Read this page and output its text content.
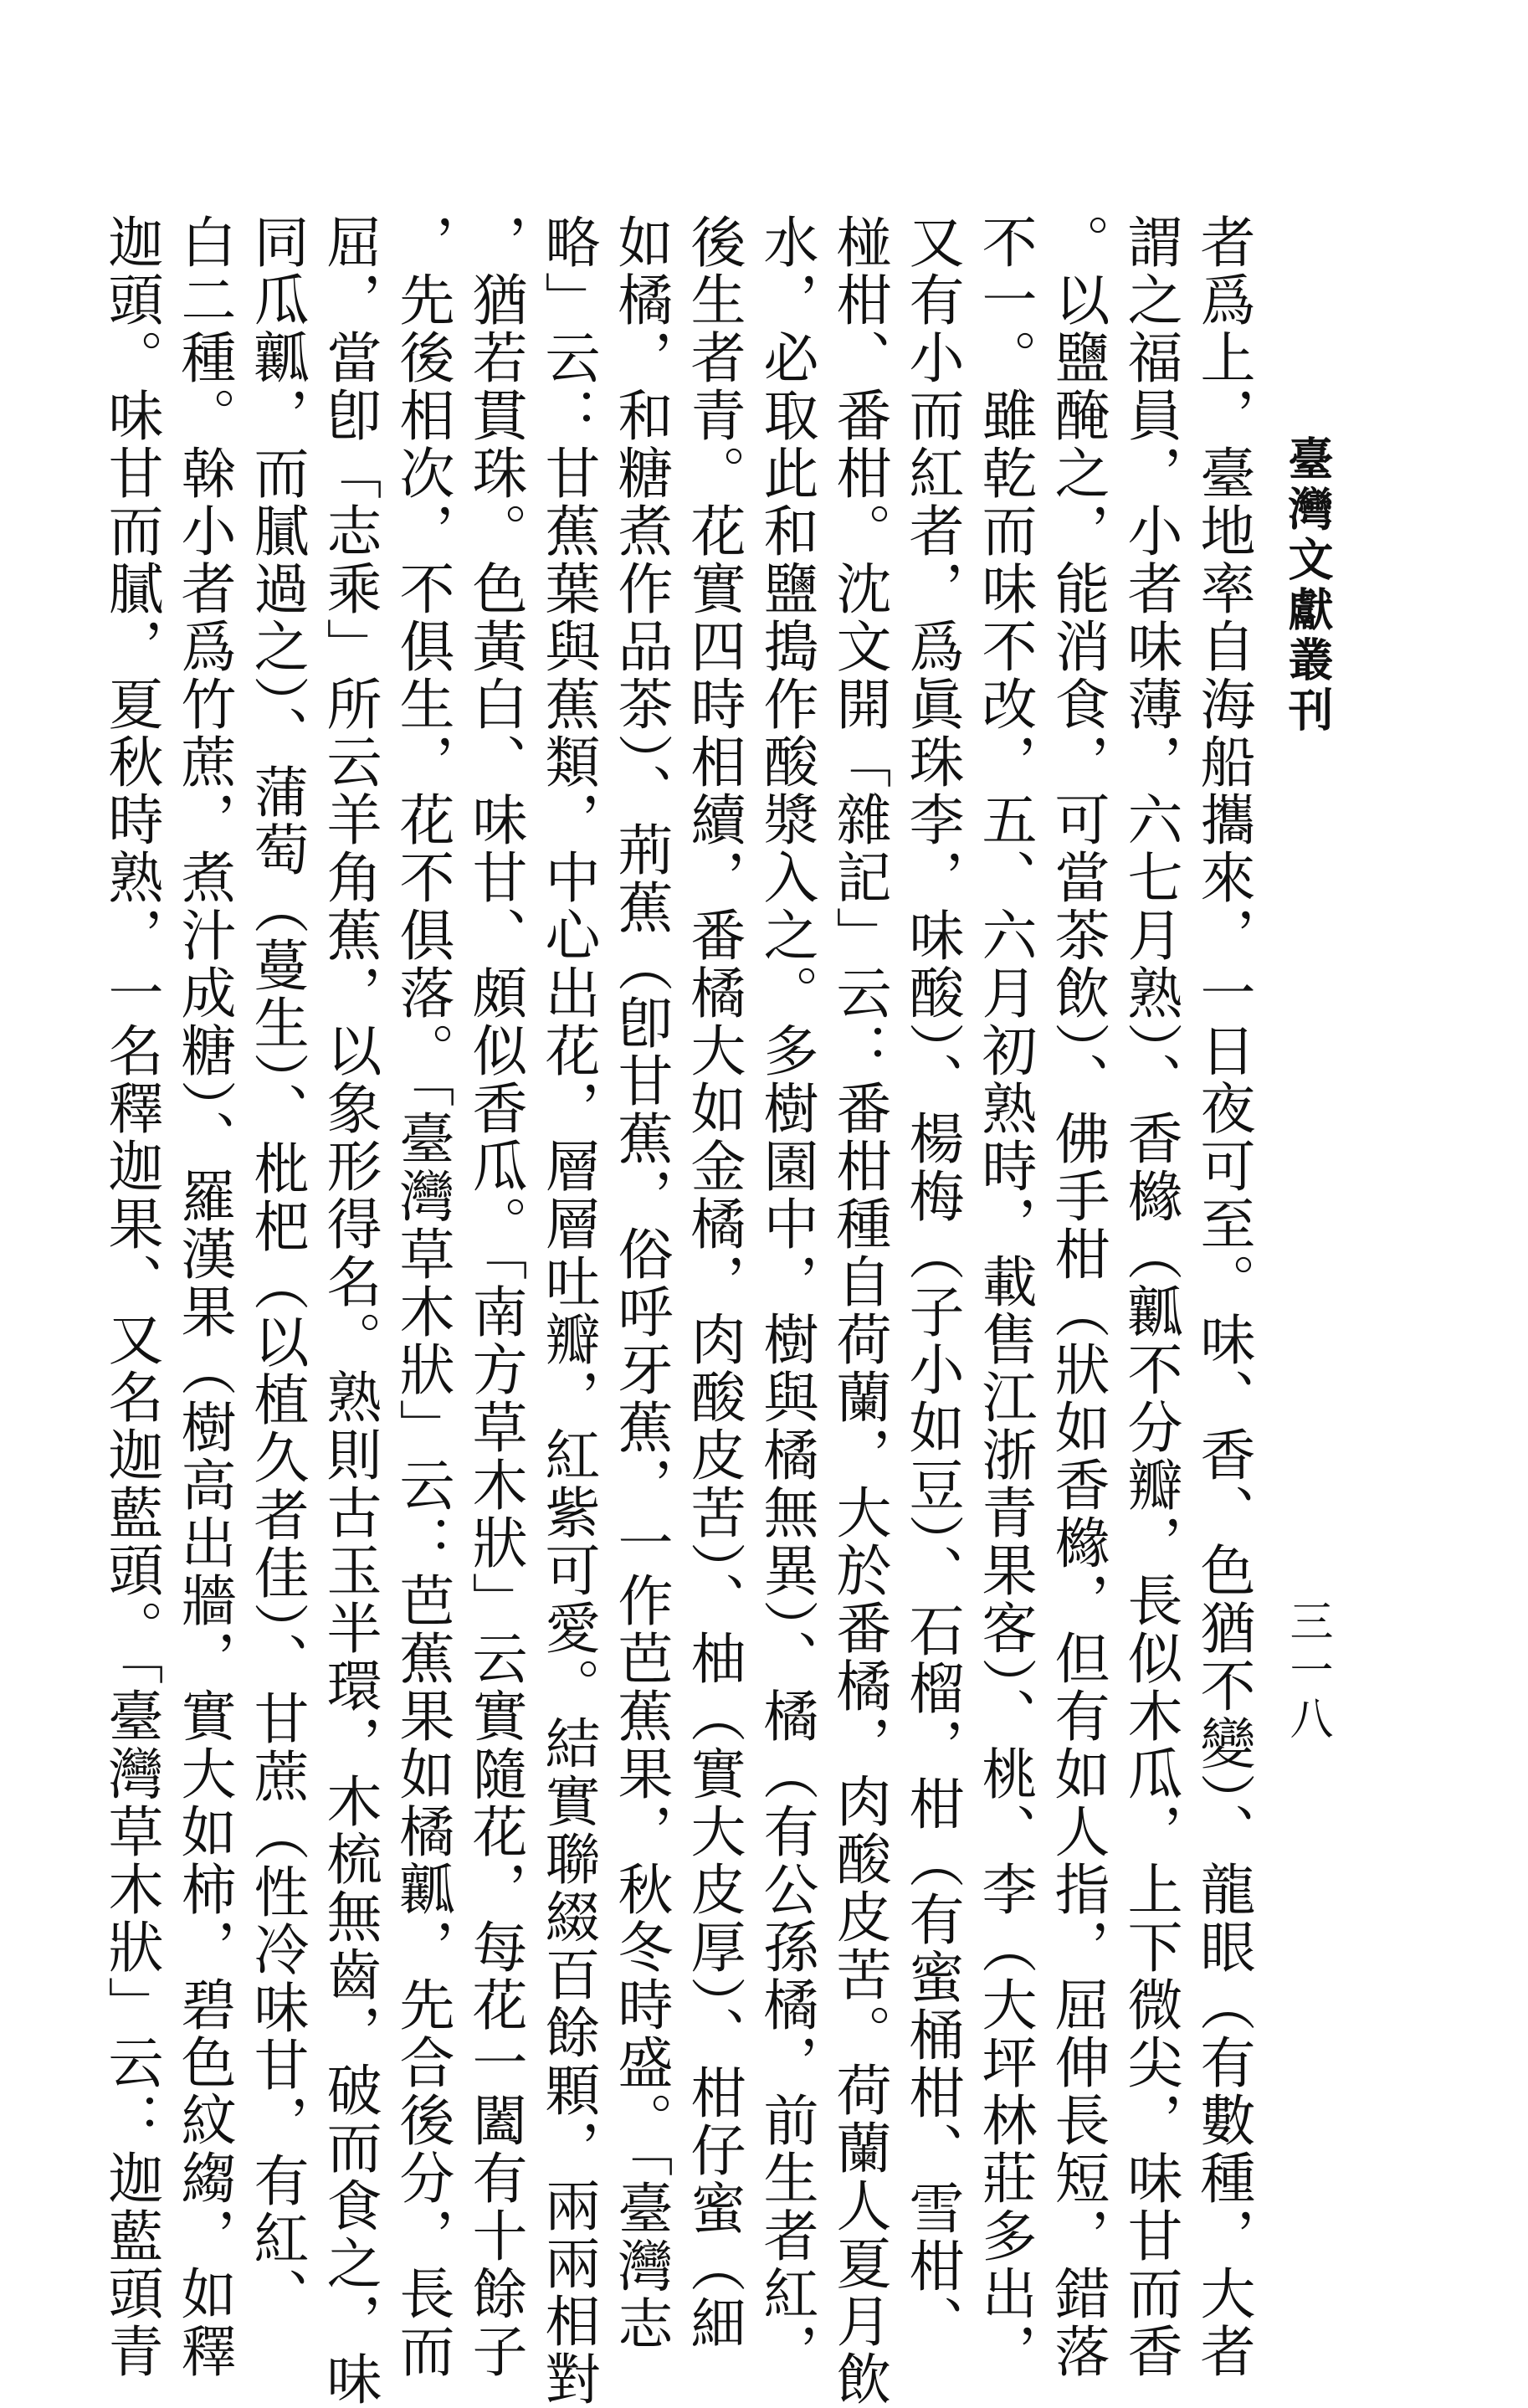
臺灣文獻叢刊
三一八
者爲上，臺地率自海船攜來，一日夜可至。味、香、色猶不變）、龍眼（有數種，大者
謂之福員，小者味薄，六七月熟）、香櫞（瓤不分瓣，長似木瓜，上下微尖，味甘而香
。以鹽醃之，能消食，可當茶飲）、佛手柑（狀如香櫞，但有如人指，屈伸長短，錯落
不一。雖乾而味不改，五、六月初熟時，載售江浙青果客）、桃、李（大坪林莊多出，
又有小而紅者，爲眞珠李，味酸）、楊梅（子小如豆）、石榴，柑（有蜜桶柑、雪柑、
椪柑、番柑。沈文開「雜記」云：番柑種自荷蘭，大於番橘，肉酸皮苦。荷蘭人夏月飲
水，必取此和鹽搗作酸漿入之。多樹園中，樹與橘無異）、橘（有公孫橘，前生者紅，
後生者青。花實四時相續，番橘大如金橘，肉酸皮苦）、柚（實大皮厚）、柑仔蜜（細
如橘，和糖煮作品茶）、荊蕉（卽甘蕉，俗呼牙蕉，一作芭蕉果，秋冬時盛。「臺灣志
略」云：甘蕉葉與蕉類，中心出花，層層吐瓣，紅紫可愛。結實聯綴百餘顆，兩兩相對
，猶若貫珠。色黃白、味甘、頗似香瓜。「南方草木狀」云實隨花，每花一闔有十餘子
，先後相次，不俱生，花不俱落。「臺灣草木狀」云：芭蕉果如橘瓤，先合後分，長而
屈，當卽「志乘」所云羊角蕉，以象形得名。熟則古玉半環，木梳無齒，破而食之，味
同瓜瓤，而膩過之）、蒲萄（蔓生）、枇杷（以植久者佳）、甘蔗（性冷味甘，有紅、
白二種。榦小者爲竹蔗，煮汁成糖）、羅漢果（樹高出牆，實大如柿，碧色紋縐，如釋
迦頭。味甘而膩，夏秋時熟，一名釋迦果、又名迦藍頭。「臺灣草木狀」云：迦藍頭青
